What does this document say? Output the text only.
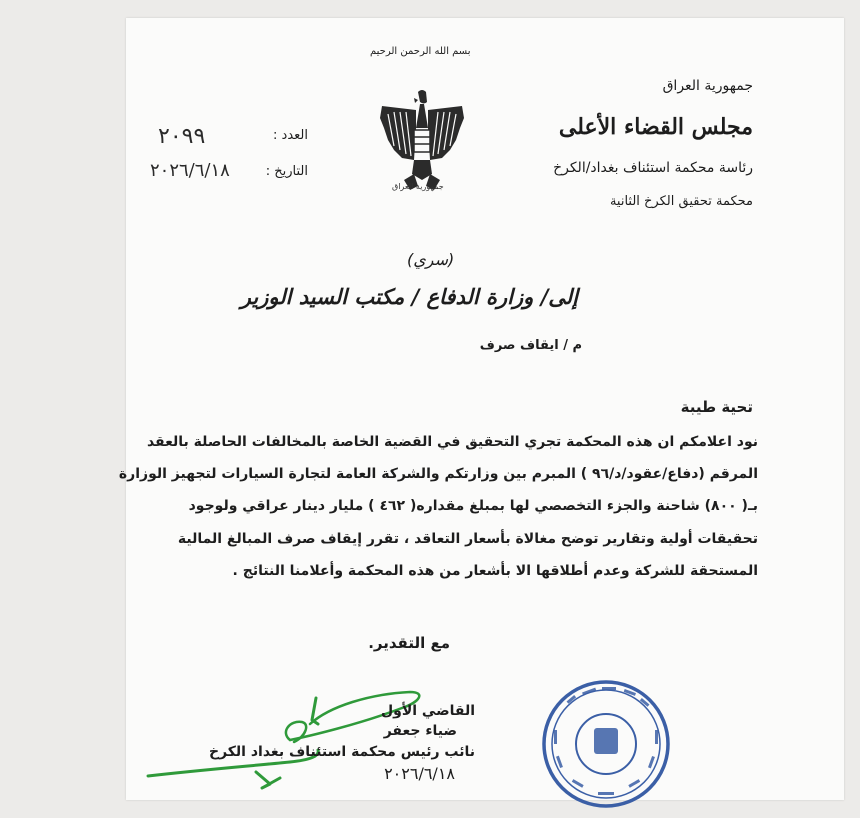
بسم الله الرحمن الرحيم
جمهورية العراق
مجلس القضاء الأعلى
رئاسة محكمة استئناف بغداد/الكرخ
محكمة تحقيق الكرخ الثانية
جمهورية العراق
العدد :
٢٠٩٩
التاريخ :
٢٠٢٦/٦/١٨
(سري)
إلى/ وزارة الدفاع / مكتب السيد الوزير
م / ايقاف صرف
تحية طيبة
نود اعلامكم ان هذه المحكمة تجري التحقيق في القضية الخاصة بالمخالفات الحاصلة بالعقد
المرقم (دفاع/عقود/د/٩٦ ) المبرم بين وزارتكم والشركة العامة لتجارة السيارات لتجهيز الوزارة
بـ( ٨٠٠) شاحنة والجزء التخصصي لها بمبلغ مقداره( ٤٦٢ ) مليار دينار عراقي ولوجود
تحقيقات أولية وتقارير توضح مغالاة بأسعار التعاقد ، تقرر إيقاف صرف المبالغ المالية
المستحقة للشركة وعدم أطلاقها الا بأشعار من هذه المحكمة وأعلامنا النتائج .
مع التقدير.
القاضي الأول
ضياء جعفر
نائب رئيس محكمة استئناف بغداد الكرخ
٢٠٢٦/٦/١٨
